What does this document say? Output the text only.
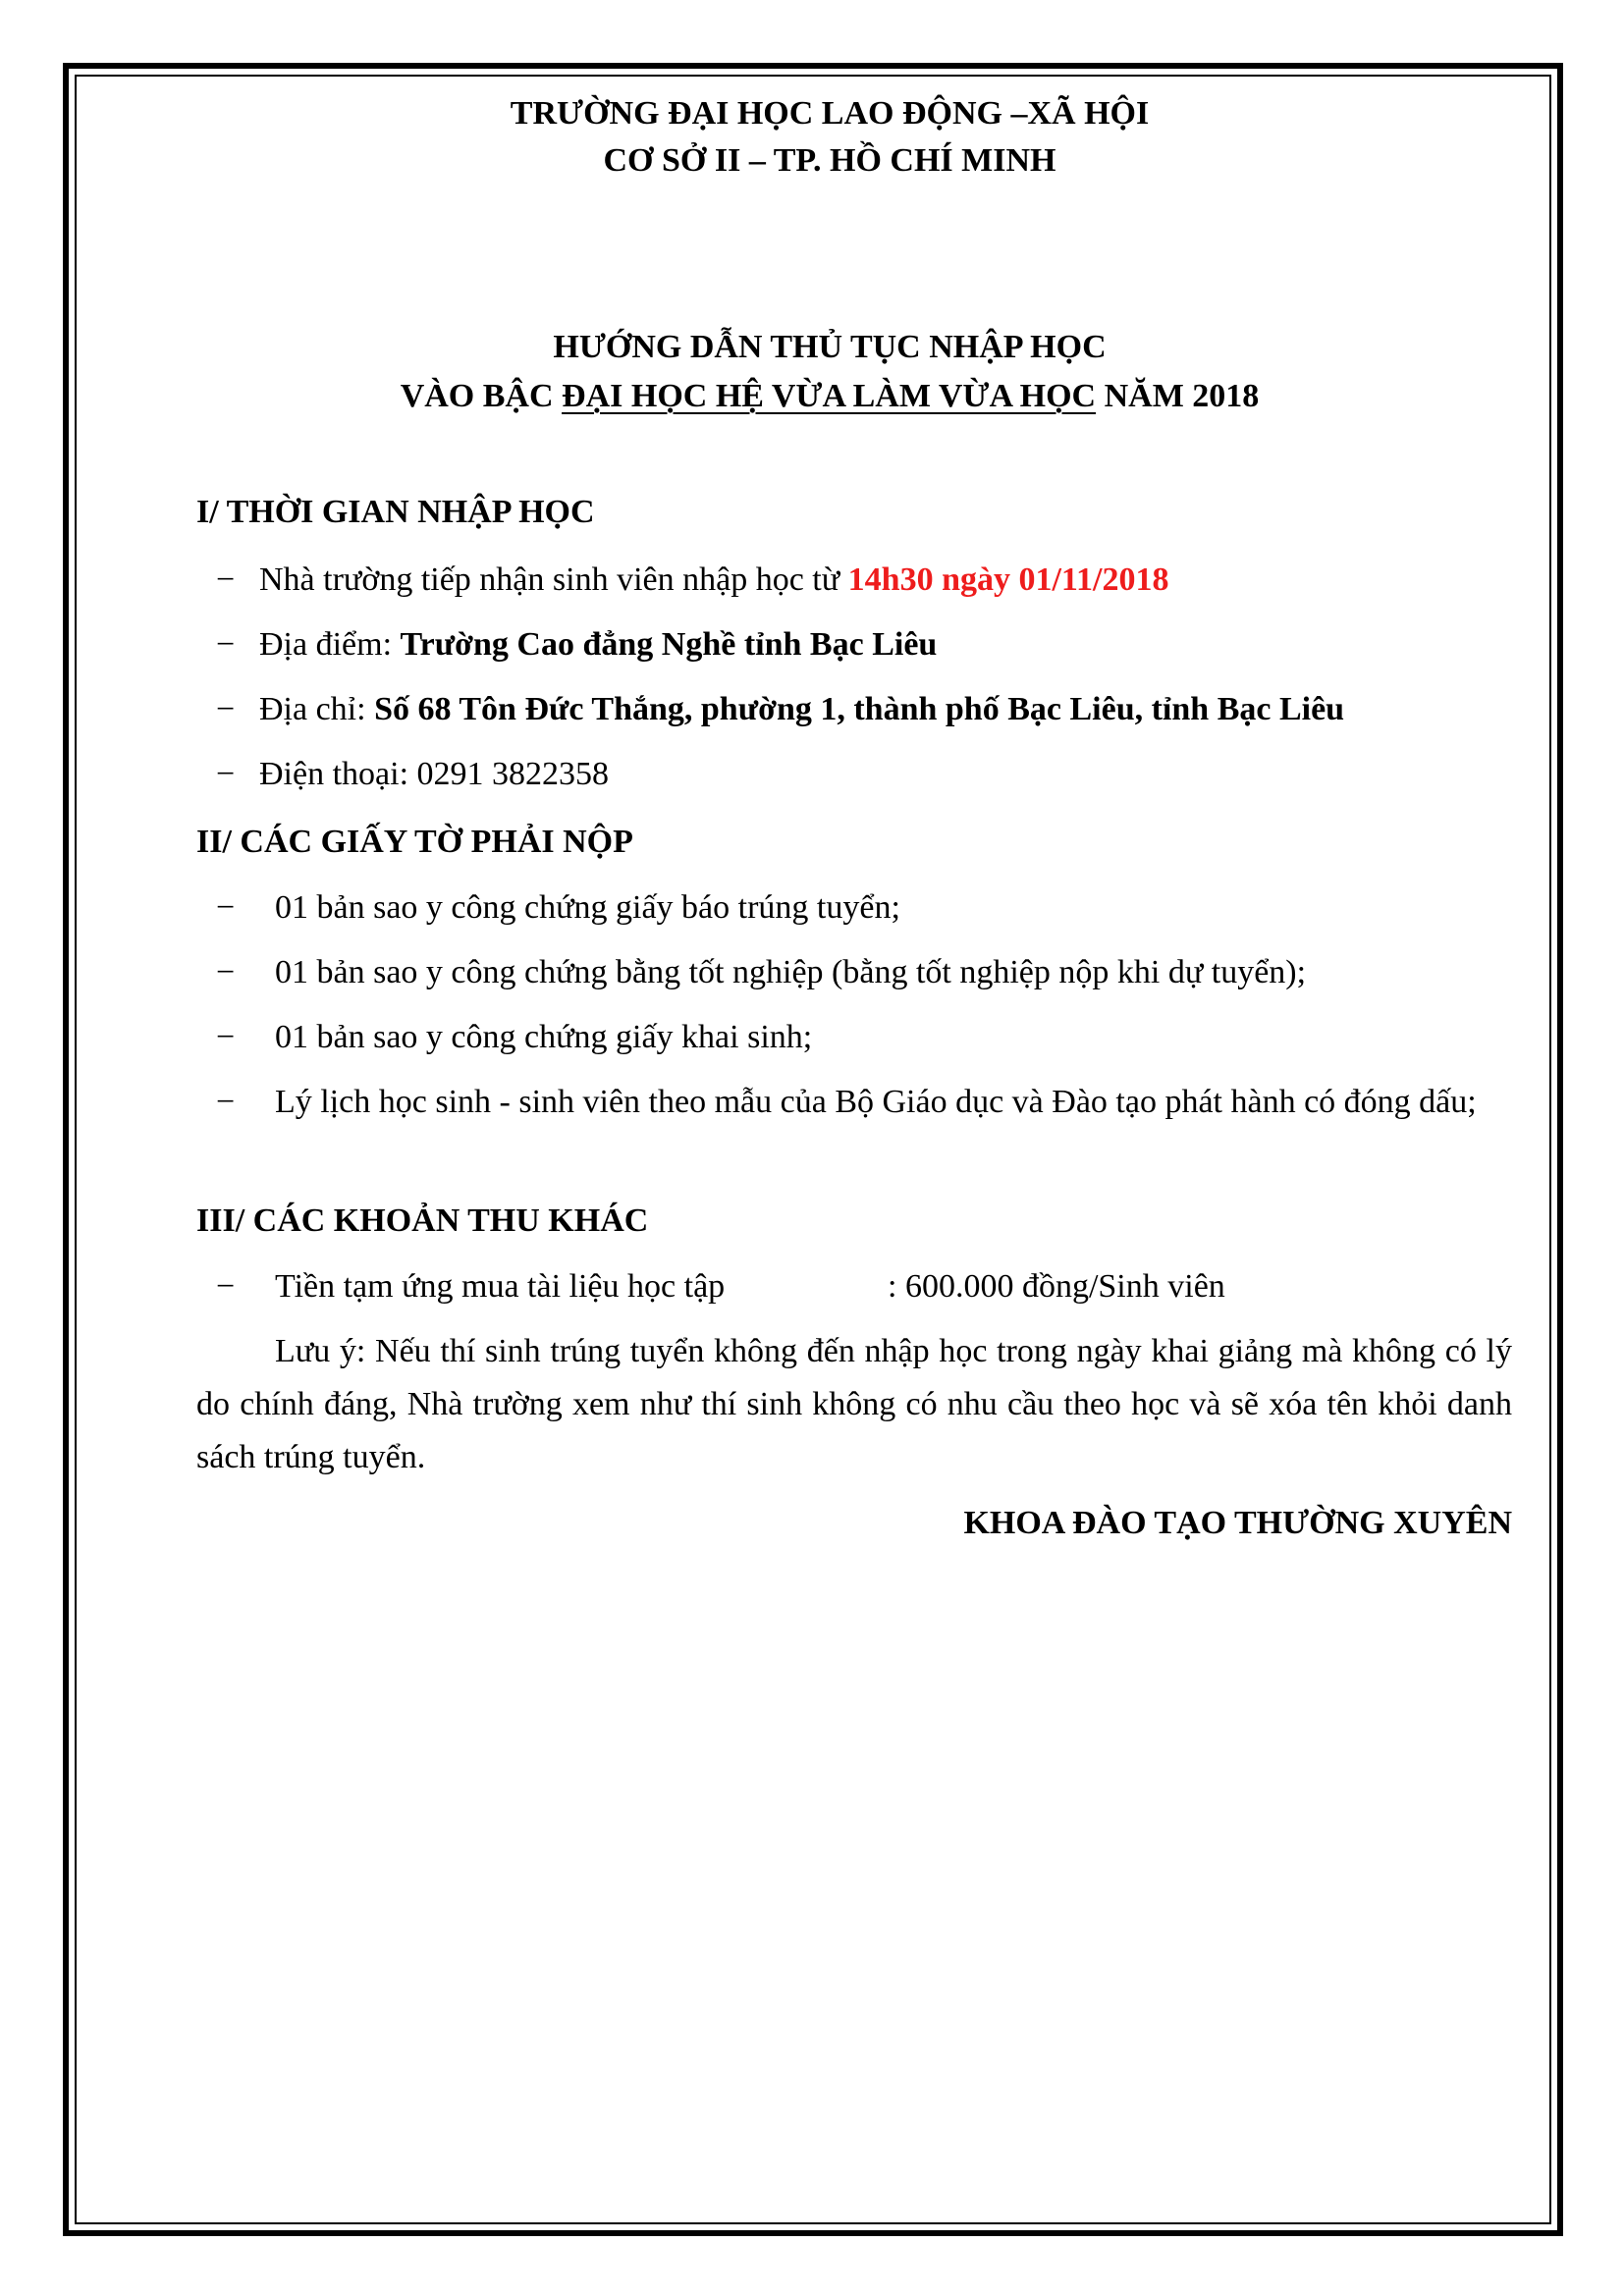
TRƯỜNG ĐẠI HỌC LAO ĐỘNG –XÃ HỘI
CƠ SỞ II – TP. HỒ CHÍ MINH
HƯỚNG DẪN THỦ TỤC NHẬP HỌC
VÀO BẬC ĐẠI HỌC HỆ VỪA LÀM VỪA HỌC NĂM 2018
I/ THỜI GIAN NHẬP HỌC
− Nhà trường tiếp nhận sinh viên nhập học từ 14h30 ngày 01/11/2018
− Địa điểm: Trường Cao đẳng Nghề tỉnh Bạc Liêu
− Địa chỉ: Số 68 Tôn Đức Thắng, phường 1, thành phố Bạc Liêu, tỉnh Bạc Liêu
− Điện thoại: 0291 3822358
II/ CÁC GIẤY TỜ PHẢI NỘP
− 01 bản sao y công chứng giấy báo trúng tuyển;
− 01 bản sao y công chứng bằng tốt nghiệp (bằng tốt nghiệp nộp khi dự tuyển);
− 01 bản sao y công chứng giấy khai sinh;
− Lý lịch học sinh - sinh viên theo mẫu của Bộ Giáo dục và Đào tạo phát hành có đóng dấu;
III/ CÁC KHOẢN THU KHÁC
− Tiền tạm ứng mua tài liệu học tập	: 600.000 đồng/Sinh viên
Lưu ý: Nếu thí sinh trúng tuyển không đến nhập học trong ngày khai giảng mà không có lý do chính đáng, Nhà trường xem như thí sinh không có nhu cầu theo học và sẽ xóa tên khỏi danh sách trúng tuyển.
KHOA ĐÀO TẠO THƯỜNG XUYÊN
